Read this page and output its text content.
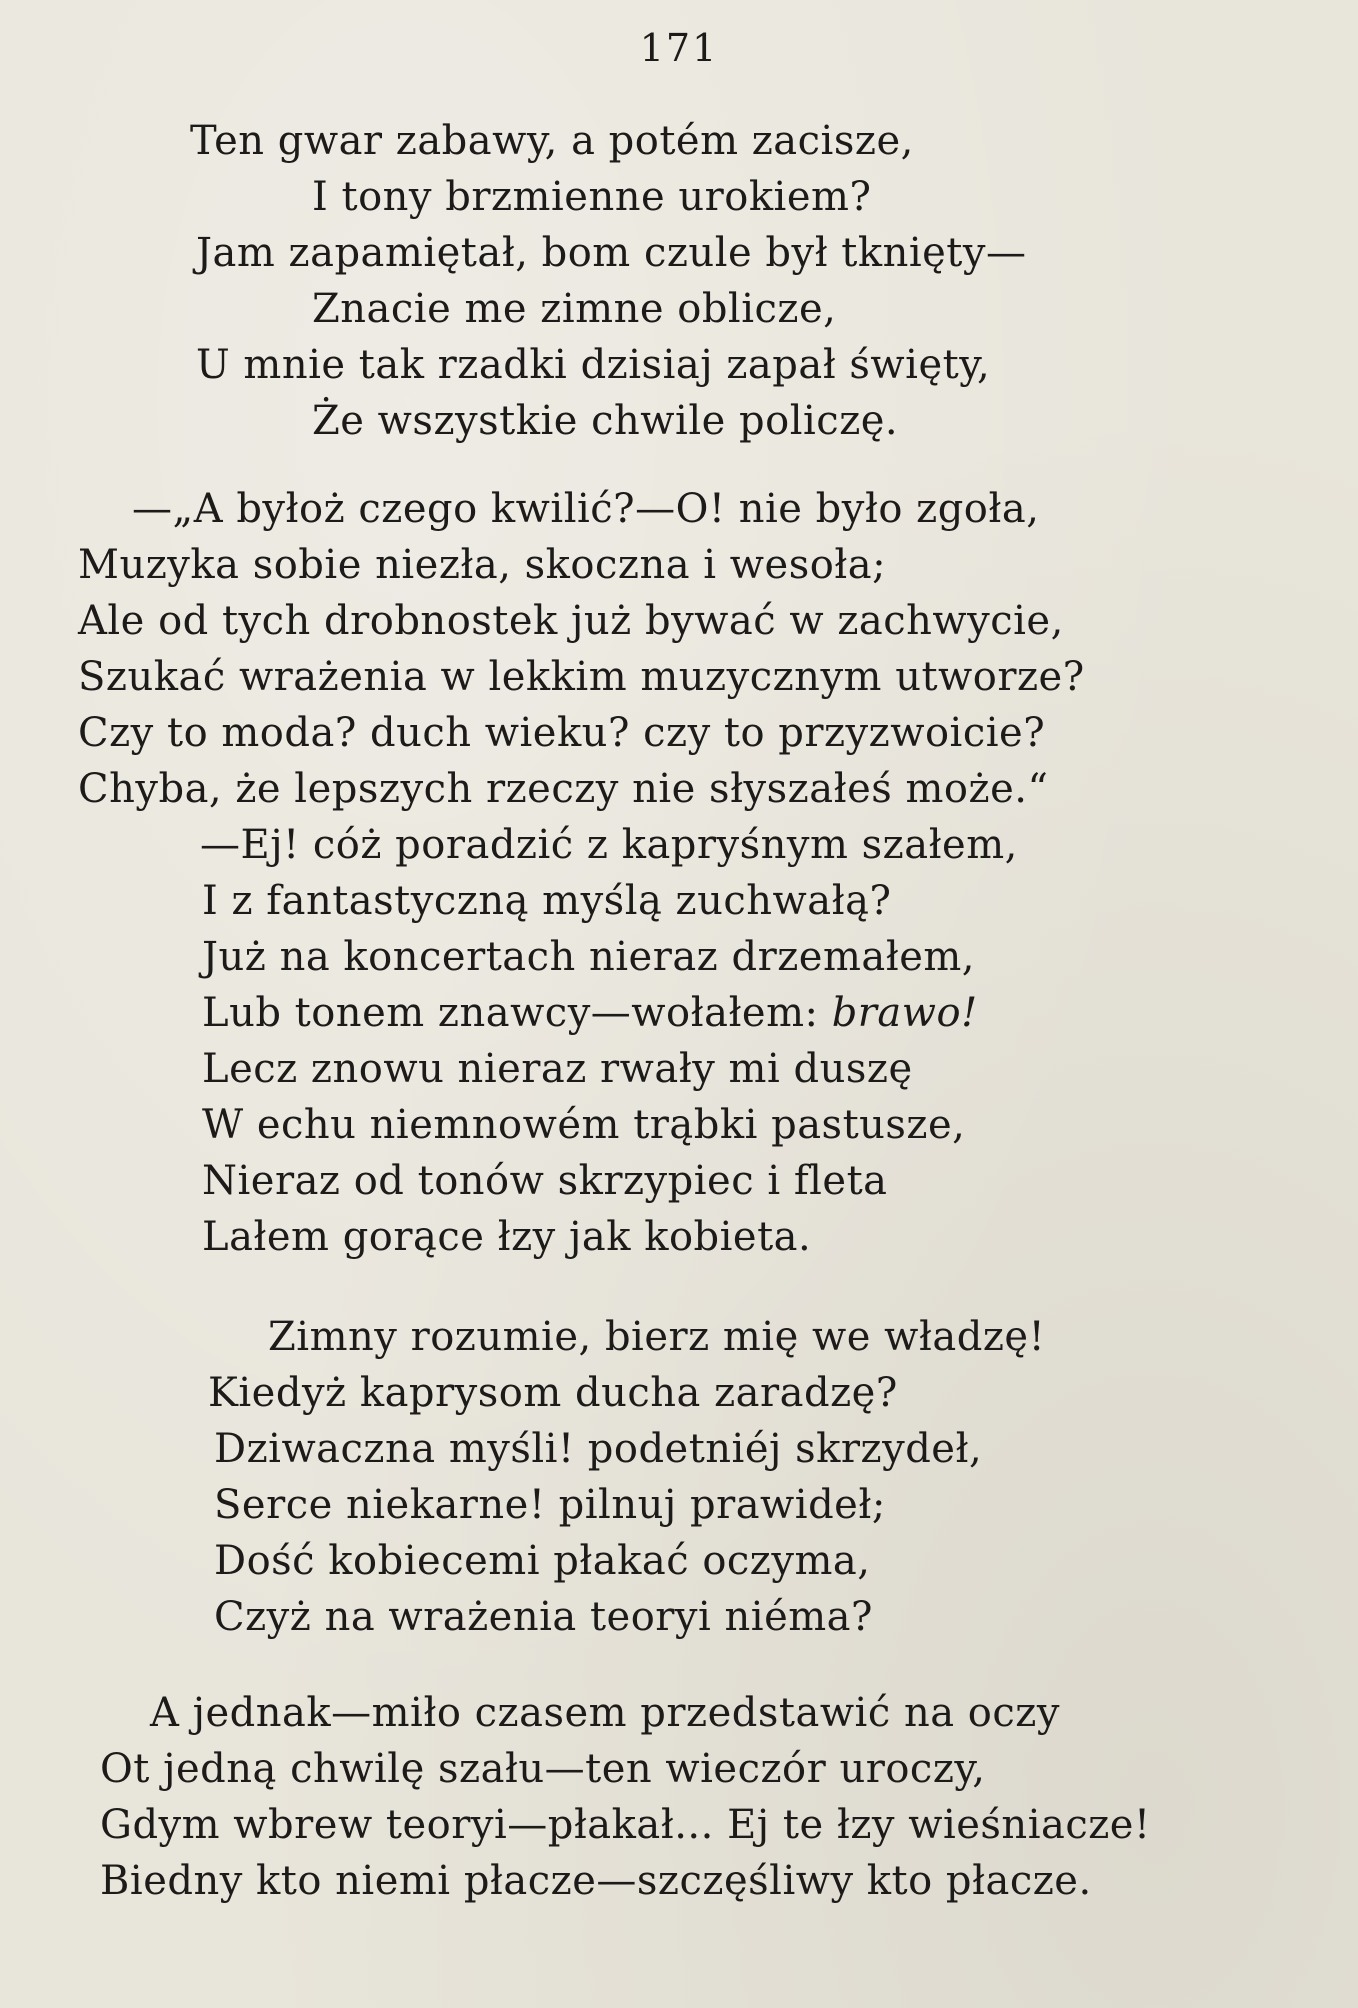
171
Ten gwar zabawy, a potém zacisze,
I tony brzmienne urokiem?
Jam zapamiętał, bom czule był tknięty—
Znacie me zimne oblicze,
U mnie tak rzadki dzisiaj zapał święty,
Że wszystkie chwile policzę.
—„A byłoż czego kwilić?—O! nie było zgoła,
Muzyka sobie niezła, skoczna i wesoła;
Ale od tych drobnostek już bywać w zachwycie,
Szukać wrażenia w lekkim muzycznym utworze?
Czy to moda? duch wieku? czy to przyzwoicie?
Chyba, że lepszych rzeczy nie słyszałeś może.“
—Ej! cóż poradzić z kapryśnym szałem,
I z fantastyczną myślą zuchwałą?
Już na koncertach nieraz drzemałem,
Lub tonem znawcy—wołałem: brawo!
Lecz znowu nieraz rwały mi duszę
W echu niemnowém trąbki pastusze,
Nieraz od tonów skrzypiec i fleta
Lałem gorące łzy jak kobieta.
Zimny rozumie, bierz mię we władzę!
Kiedyż kaprysom ducha zaradzę?
Dziwaczna myśli! podetniéj skrzydeł,
Serce niekarne! pilnuj prawideł;
Dość kobiecemi płakać oczyma,
Czyż na wrażenia teoryi niéma?
A jednak—miło czasem przedstawić na oczy
Ot jedną chwilę szału—ten wieczór uroczy,
Gdym wbrew teoryi—płakał... Ej te łzy wieśniacze!
Biedny kto niemi płacze—szczęśliwy kto płacze.
